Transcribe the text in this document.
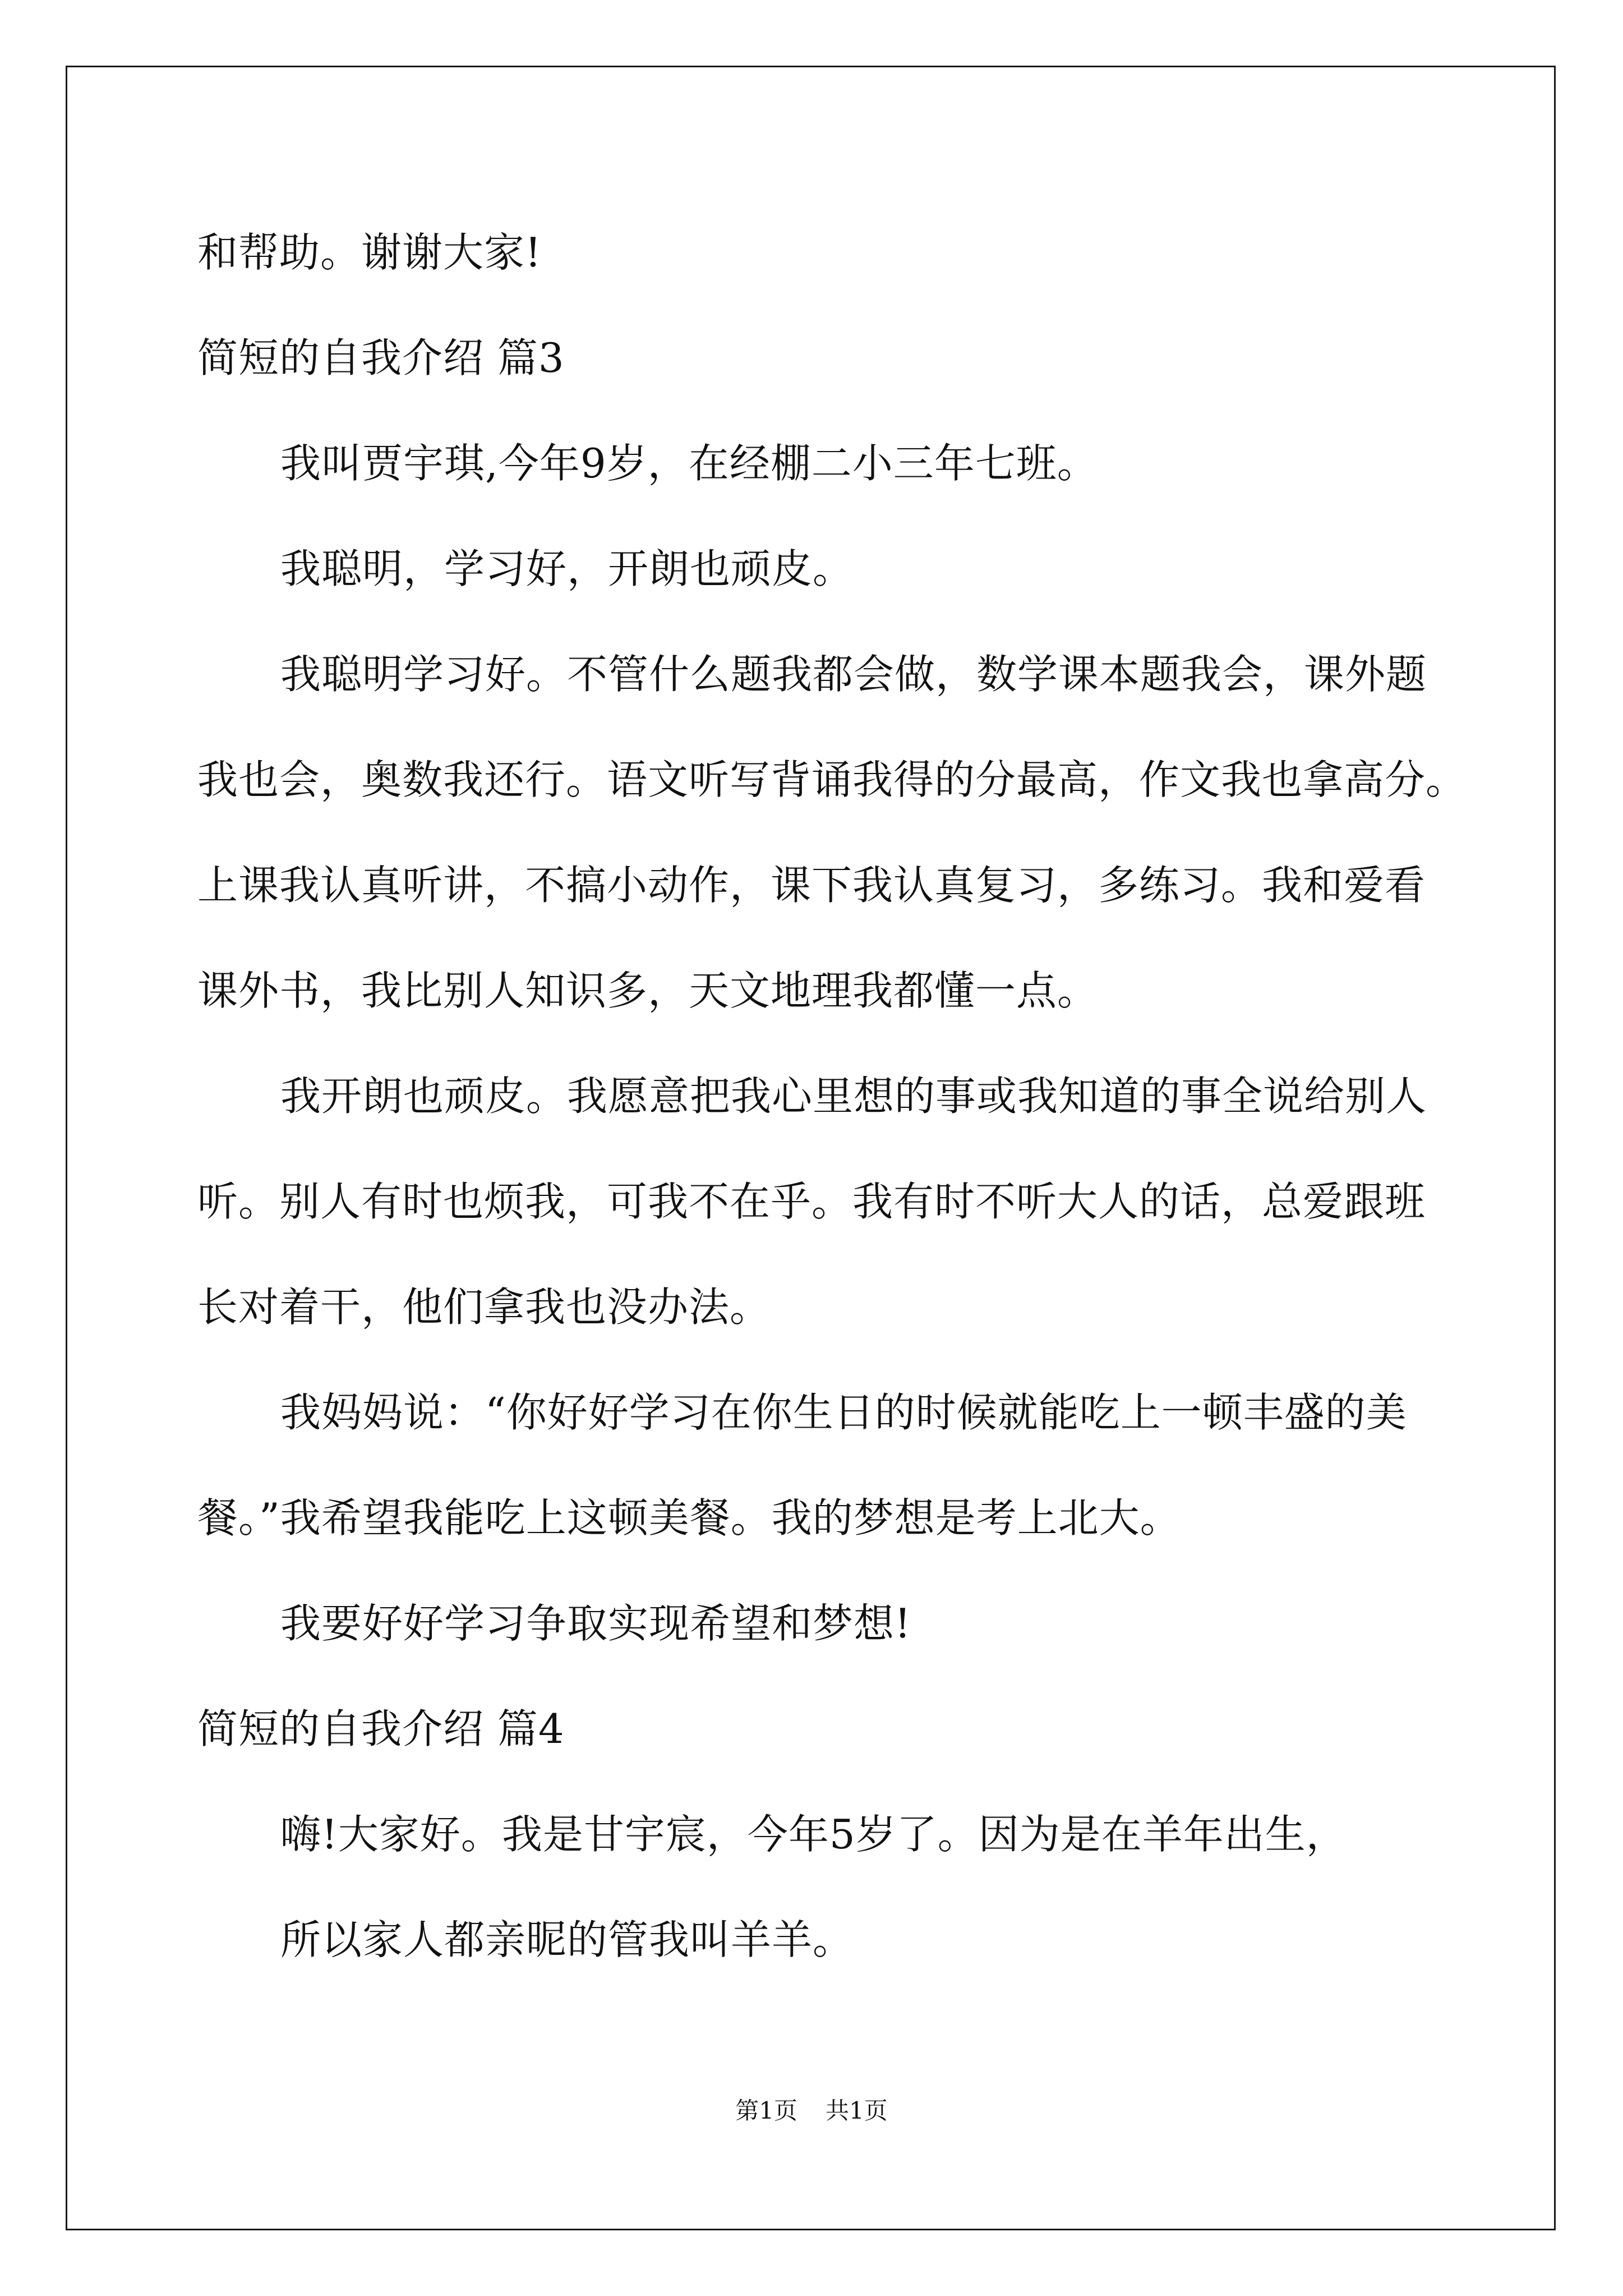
和帮助。谢谢大家!
简短的自我介绍 篇3
我叫贾宇琪,今年9岁，在经棚二小三年七班。
我聪明，学习好，开朗也顽皮。
我聪明学习好。不管什么题我都会做，数学课本题我会，课外题
我也会，奥数我还行。语文听写背诵我得的分最高，作文我也拿高分。
上课我认真听讲，不搞小动作，课下我认真复习，多练习。我和爱看
课外书，我比别人知识多，天文地理我都懂一点。
我开朗也顽皮。我愿意把我心里想的事或我知道的事全说给别人
听。别人有时也烦我，可我不在乎。我有时不听大人的话，总爱跟班
长对着干，他们拿我也没办法。
我妈妈说：“你好好学习在你生日的时候就能吃上一顿丰盛的美
餐。”我希望我能吃上这顿美餐。我的梦想是考上北大。
我要好好学习争取实现希望和梦想!
简短的自我介绍 篇4
嗨!大家好。我是甘宇宸，今年5岁了。因为是在羊年出生，
所以家人都亲昵的管我叫羊羊。
第1页 共1页
